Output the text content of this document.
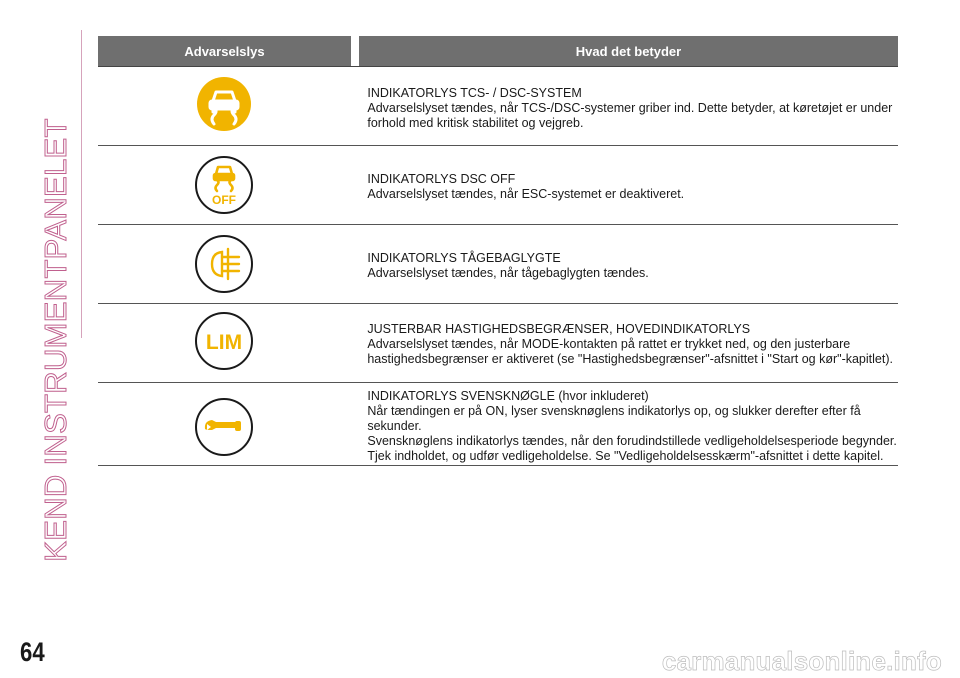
KEND INSTRUMENTPANELET
Advarselslys	Hvad det betyder
INDIKATORLYS TCS- / DSC-SYSTEM
Advarselslyset tændes, når TCS-/DSC-systemer griber ind. Dette betyder, at køretøjet er under
forhold med kritisk stabilitet og vejgreb.
OFF
INDIKATORLYS DSC OFF
Advarselslyset tændes, når ESC-systemet er deaktiveret.
INDIKATORLYS TÅGEBAGLYGTE
Advarselslyset tændes, når tågebaglygten tændes.
LIM
JUSTERBAR HASTIGHEDSBEGRÆNSER, HOVEDINDIKATORLYS
Advarselslyset tændes, når MODE-kontakten på rattet er trykket ned, og den justerbare
hastighedsbegrænser er aktiveret (se "Hastighedsbegrænser"-afsnittet i "Start og kør"-kapitlet).
INDIKATORLYS SVENSKNØGLE (hvor inkluderet)
Når tændingen er på ON, lyser svensknøglens indikatorlys op, og slukker derefter efter få
sekunder.
Svensknøglens indikatorlys tændes, når den forudindstillede vedligeholdelsesperiode begynder.
Tjek indholdet, og udfør vedligeholdelse. Se "Vedligeholdelsesskærm"-afsnittet i dette kapitel.
64	carmanualsonline.info
